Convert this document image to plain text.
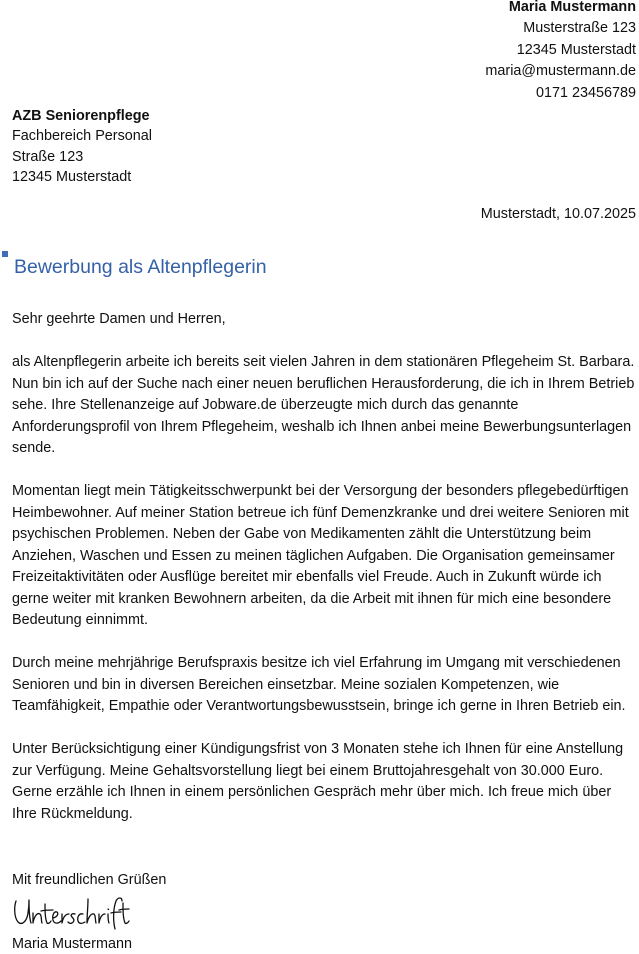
Maria Mustermann
Musterstraße 123
12345 Musterstadt
maria@mustermann.de
0171 23456789
AZB Seniorenpflege
Fachbereich Personal
Straße 123
12345 Musterstadt
Musterstadt, 10.07.2025
Bewerbung als Altenpflegerin

Sehr geehrte Damen und Herren,

als Altenpflegerin arbeite ich bereits seit vielen Jahren in dem stationären Pflegeheim St. Barbara. Nun bin ich auf der Suche nach einer neuen beruflichen Herausforderung, die ich in Ihrem Betrieb sehe. Ihre Stellenanzeige auf Jobware.de überzeugte mich durch das genannte Anforderungsprofil von Ihrem Pflegeheim, weshalb ich Ihnen anbei meine Bewerbungsunterlagen sende.

Momentan liegt mein Tätigkeitsschwerpunkt bei der Versorgung der besonders pflegebedürftigen Heimbewohner. Auf meiner Station betreue ich fünf Demenzkranke und drei weitere Senioren mit psychischen Problemen. Neben der Gabe von Medikamenten zählt die Unterstützung beim Anziehen, Waschen und Essen zu meinen täglichen Aufgaben. Die Organisation gemeinsamer Freizeitaktivitäten oder Ausflüge bereitet mir ebenfalls viel Freude. Auch in Zukunft würde ich gerne weiter mit kranken Bewohnern arbeiten, da die Arbeit mit ihnen für mich eine besondere Bedeutung einnimmt.

Durch meine mehrjährige Berufspraxis besitze ich viel Erfahrung im Umgang mit verschiedenen Senioren und bin in diversen Bereichen einsetzbar. Meine sozialen Kompetenzen, wie Teamfähigkeit, Empathie oder Verantwortungsbewusstsein, bringe ich gerne in Ihren Betrieb ein.

Unter Berücksichtigung einer Kündigungsfrist von 3 Monaten stehe ich Ihnen für eine Anstellung zur Verfügung. Meine Gehaltsvorstellung liegt bei einem Bruttojahresgehalt von 30.000 Euro. Gerne erzähle ich Ihnen in einem persönlichen Gespräch mehr über mich. Ich freue mich über Ihre Rückmeldung.

Mit freundlichen Grüßen
Maria Mustermann
